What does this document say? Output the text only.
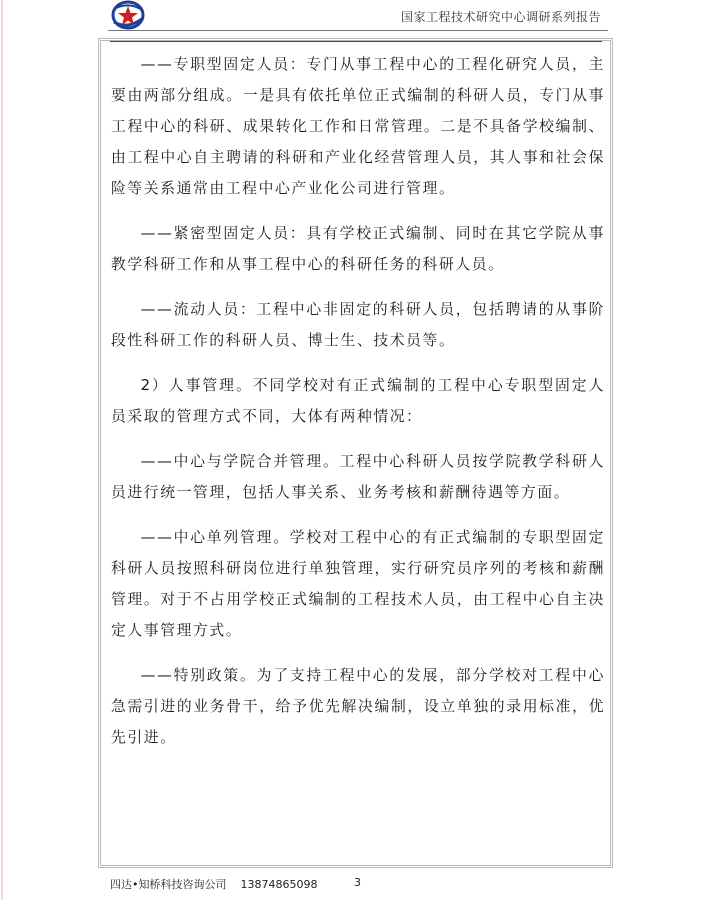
国家工程技术研究中心调研系列报告

——专职型固定人员：专门从事工程中心的工程化研究人员，主要由两部分组成。一是具有依托单位正式编制的科研人员，专门从事工程中心的科研、成果转化工作和日常管理。二是不具备学校编制、由工程中心自主聘请的科研和产业化经营管理人员，其人事和社会保险等关系通常由工程中心产业化公司进行管理。

——紧密型固定人员：具有学校正式编制、同时在其它学院从事教学科研工作和从事工程中心的科研任务的科研人员。

——流动人员：工程中心非固定的科研人员，包括聘请的从事阶段性科研工作的科研人员、博士生、技术员等。

2）人事管理。不同学校对有正式编制的工程中心专职型固定人员采取的管理方式不同，大体有两种情况：

——中心与学院合并管理。工程中心科研人员按学院教学科研人员进行统一管理，包括人事关系、业务考核和薪酬待遇等方面。

——中心单列管理。学校对工程中心的有正式编制的专职型固定科研人员按照科研岗位进行单独管理，实行研究员序列的考核和薪酬管理。对于不占用学校正式编制的工程技术人员，由工程中心自主决定人事管理方式。

——特别政策。为了支持工程中心的发展，部分学校对工程中心急需引进的业务骨干，给予优先解决编制，设立单独的录用标准，优先引进。

四达•知桥科技咨询公司    13874865098	3
